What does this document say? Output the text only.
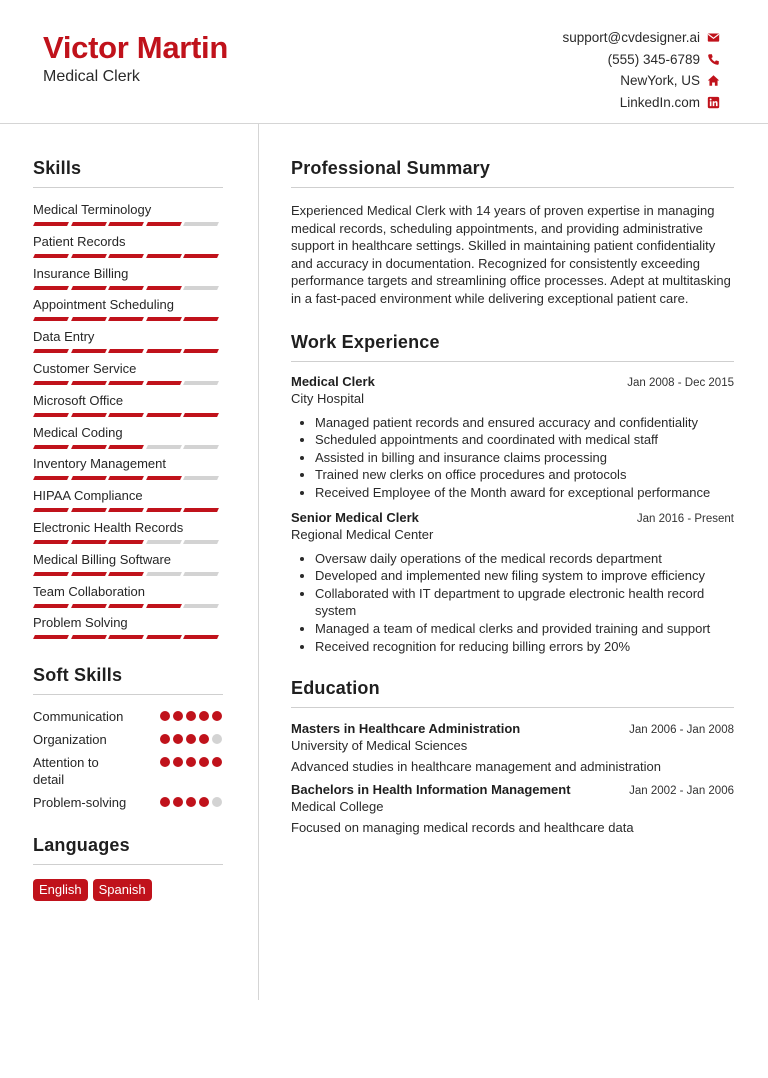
Victor Martin
Medical Clerk
support@cvdesigner.ai
(555) 345-6789
NewYork, US
LinkedIn.com
Skills
Medical Terminology
Patient Records
Insurance Billing
Appointment Scheduling
Data Entry
Customer Service
Microsoft Office
Medical Coding
Inventory Management
HIPAA Compliance
Electronic Health Records
Medical Billing Software
Team Collaboration
Problem Solving
Soft Skills
Communication
Organization
Attention to detail
Problem-solving
Languages
English	Spanish
Professional Summary
Experienced Medical Clerk with 14 years of proven expertise in managing medical records, scheduling appointments, and providing administrative support in healthcare settings. Skilled in maintaining patient confidentiality and accuracy in documentation. Recognized for consistently exceeding performance targets and streamlining office processes. Adept at multitasking in a fast-paced environment while delivering exceptional patient care.
Work Experience
Medical Clerk	Jan 2008 - Dec 2015
City Hospital
• Managed patient records and ensured accuracy and confidentiality
• Scheduled appointments and coordinated with medical staff
• Assisted in billing and insurance claims processing
• Trained new clerks on office procedures and protocols
• Received Employee of the Month award for exceptional performance
Senior Medical Clerk	Jan 2016 - Present
Regional Medical Center
• Oversaw daily operations of the medical records department
• Developed and implemented new filing system to improve efficiency
• Collaborated with IT department to upgrade electronic health record system
• Managed a team of medical clerks and provided training and support
• Received recognition for reducing billing errors by 20%
Education
Masters in Healthcare Administration	Jan 2006 - Jan 2008
University of Medical Sciences
Advanced studies in healthcare management and administration
Bachelors in Health Information Management	Jan 2002 - Jan 2006
Medical College
Focused on managing medical records and healthcare data
